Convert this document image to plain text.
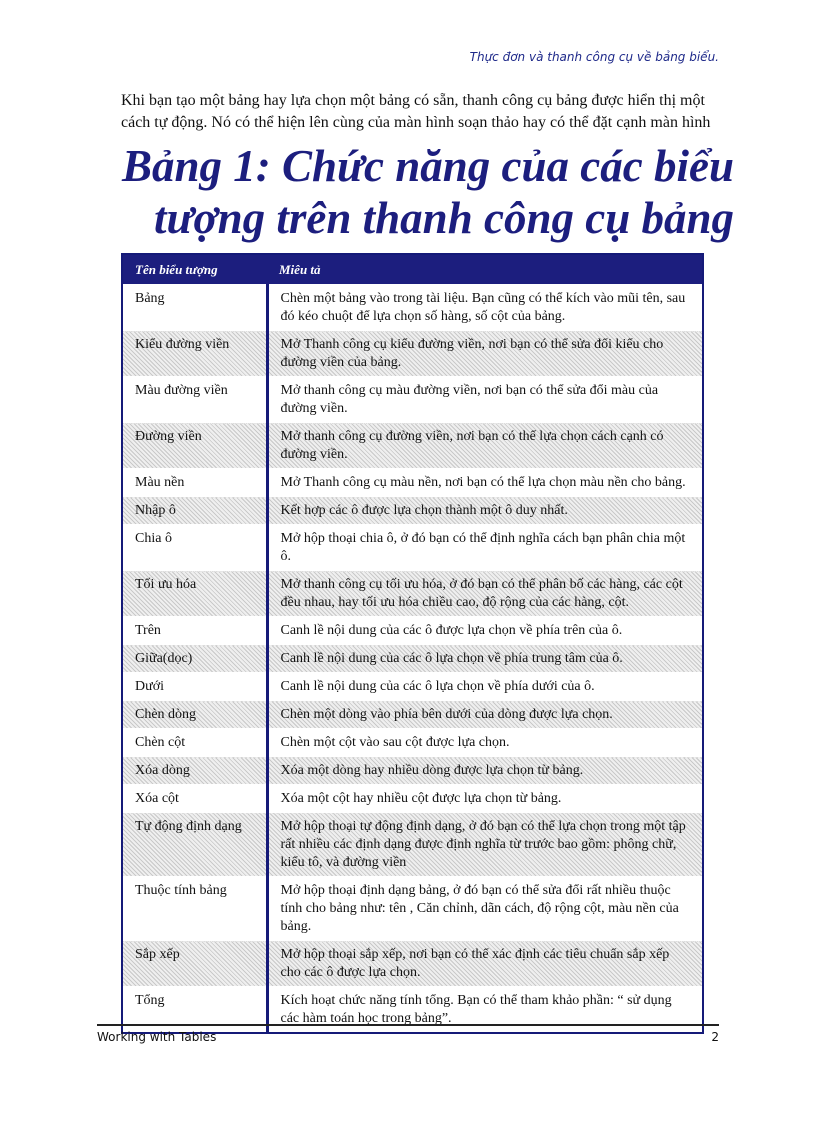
Thực đơn và thanh công cụ về bảng biểu.
Khi bạn tạo một bảng hay lựa chọn một bảng có sẵn, thanh công cụ bảng được hiển thị một cách tự động. Nó có thể hiện lên cùng của màn hình soạn thảo hay có thể đặt cạnh màn hình
Bảng 1: Chức năng của các biểu
tượng trên thanh công cụ bảng
Tên biểu tượng	Miêu tả
Bảng	Chèn một bảng vào trong tài liệu. Bạn cũng có thể kích vào mũi tên, sau đó kéo chuột để lựa chọn số hàng, số cột của bảng.
Kiểu đường viền	Mở Thanh công cụ kiểu đường viền, nơi bạn có thể sửa đổi kiểu cho đường viền của bảng.
Màu đường viền	Mở thanh công cụ màu đường viền, nơi bạn có thể sửa đổi màu của đường viền.
Đường viền	Mở thanh công cụ đường viền, nơi bạn có thể lựa chọn cách cạnh có đường viền.
Màu nền	Mở Thanh công cụ màu nền, nơi bạn có thể lựa chọn màu nền cho bảng.
Nhập ô	Kết hợp các ô được lựa chọn thành một ô duy nhất.
Chia ô	Mở hộp thoại chia ô, ở đó bạn có thể định nghĩa cách bạn phân chia một ô.
Tối ưu hóa	Mở thanh công cụ tối ưu hóa, ở đó bạn có thể phân bố các hàng, các cột đều nhau, hay tối ưu hóa chiều cao, độ rộng của các hàng, cột.
Trên	Canh lề nội dung của các ô được lựa chọn về phía trên của ô.
Giữa(dọc)	Canh lề nội dung của các ô lựa chọn về phía trung tâm của ô.
Dưới	Canh lề nội dung của các ô lựa chọn về phía dưới của ô.
Chèn dòng	Chèn một dòng vào phía bên dưới của dòng được lựa chọn.
Chèn cột	Chèn một cột vào sau cột được lựa chọn.
Xóa dòng	Xóa một dòng hay nhiều dòng được lựa chọn từ bảng.
Xóa cột	Xóa một cột hay nhiều cột được lựa chọn từ bảng.
Tự động định dạng	Mở hộp thoại tự động định dạng, ở đó bạn có thể lựa chọn trong một tập rất nhiều các định dạng được định nghĩa từ trước bao gồm: phông chữ, kiểu tô, và đường viền
Thuộc tính bảng	Mở hộp thoại định dạng bảng, ở đó bạn có thể sửa đổi rất nhiều thuộc tính cho bảng như: tên , Căn chỉnh, dãn cách, độ rộng cột, màu nền của bảng.
Sắp xếp	Mở hộp thoại sắp xếp, nơi bạn có thể xác định các tiêu chuẩn sắp xếp cho các ô được lựa chọn.
Tổng	Kích hoạt chức năng tính tổng. Bạn có thể tham khảo phần: “ sử dụng các hàm toán học trong bảng”.
Working with Tables	2
